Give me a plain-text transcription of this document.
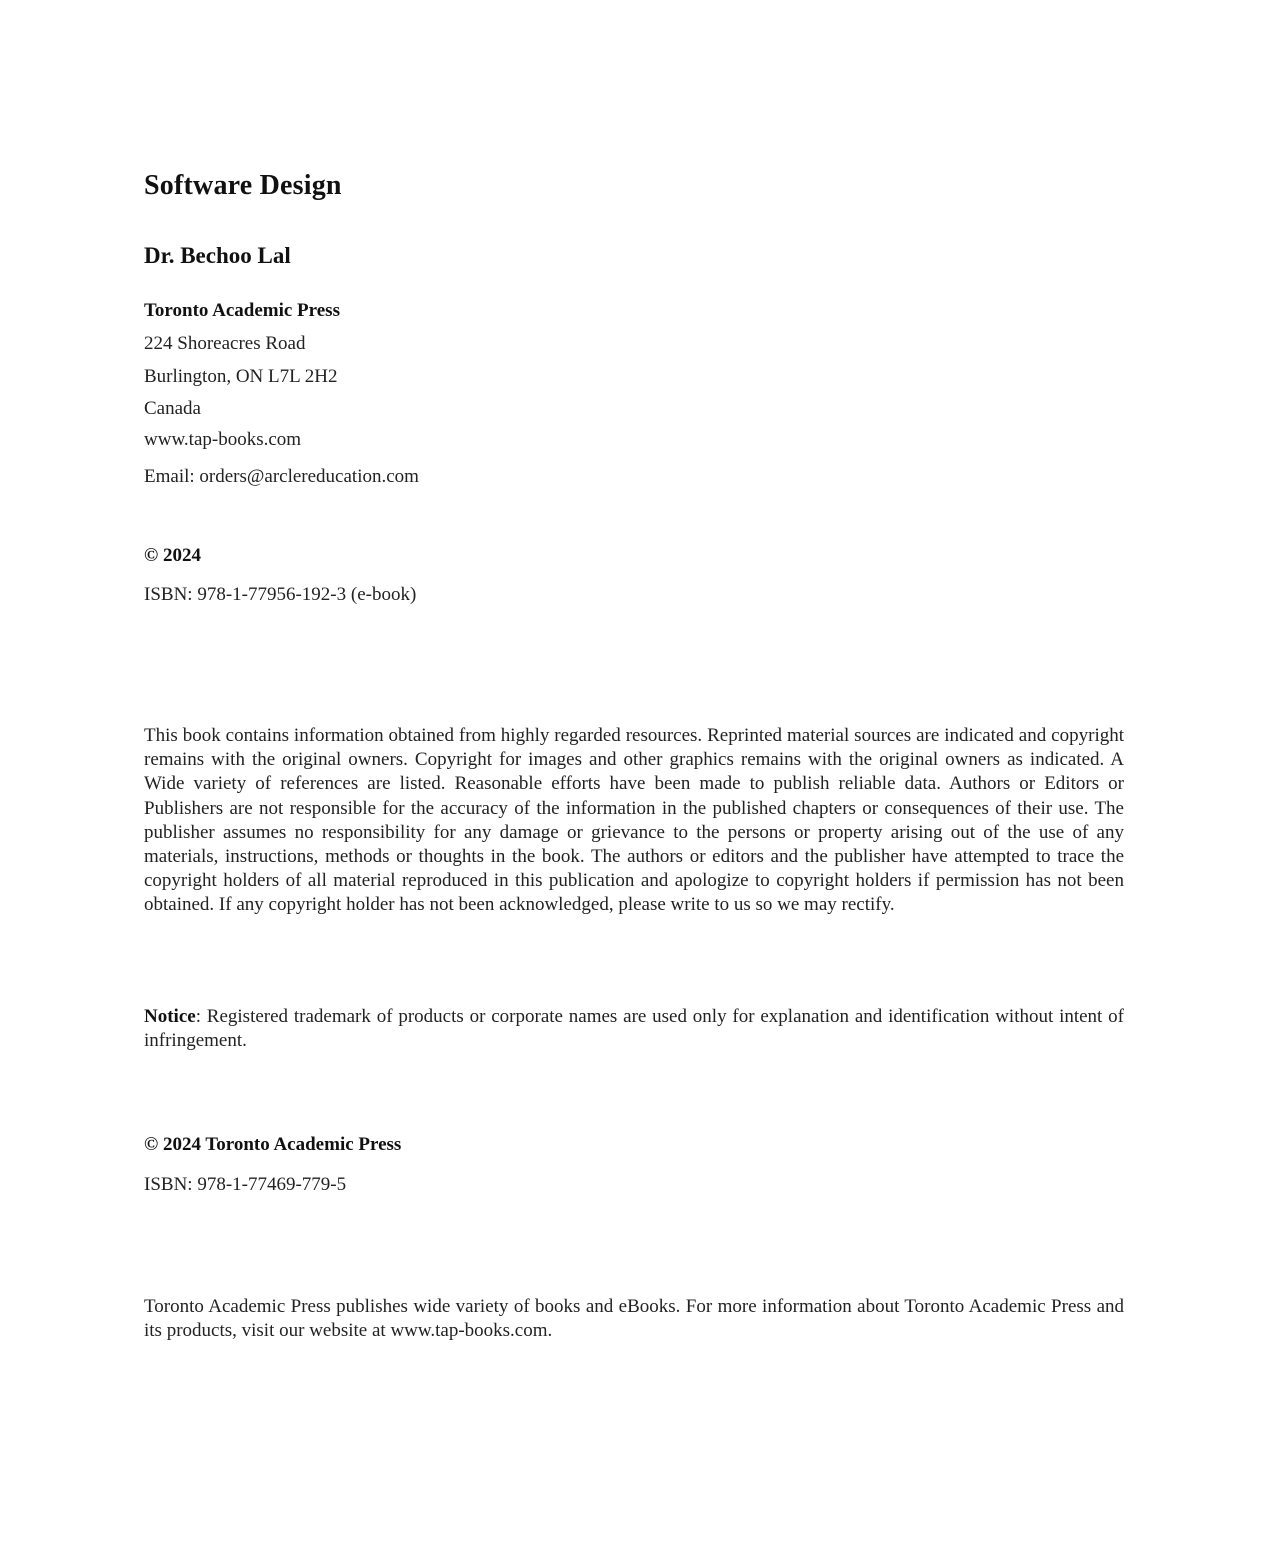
Software Design
Dr. Bechoo Lal
Toronto Academic Press
224 Shoreacres Road
Burlington, ON L7L 2H2
Canada
www.tap-books.com
Email: orders@arclereducation.com
© 2024
ISBN: 978-1-77956-192-3 (e-book)

This book contains information obtained from highly regarded resources. Reprinted material sources are indicated and copyright remains with the original owners. Copyright for images and other graphics remains with the original owners as indicated. A Wide variety of references are listed. Reasonable efforts have been made to publish reliable data. Authors or Editors or Publishers are not responsible for the accuracy of the information in the published chapters or consequences of their use. The publisher assumes no responsibility for any damage or grievance to the persons or property arising out of the use of any materials, instructions, methods or thoughts in the book. The authors or editors and the publisher have attempted to trace the copyright holders of all material reproduced in this publication and apologize to copyright holders if permission has not been obtained. If any copyright holder has not been acknowledged, please write to us so we may rectify.

Notice: Registered trademark of products or corporate names are used only for explanation and identification without intent of infringement.

© 2024 Toronto Academic Press
ISBN: 978-1-77469-779-5

Toronto Academic Press publishes wide variety of books and eBooks. For more information about Toronto Academic Press and its products, visit our website at www.tap-books.com.
